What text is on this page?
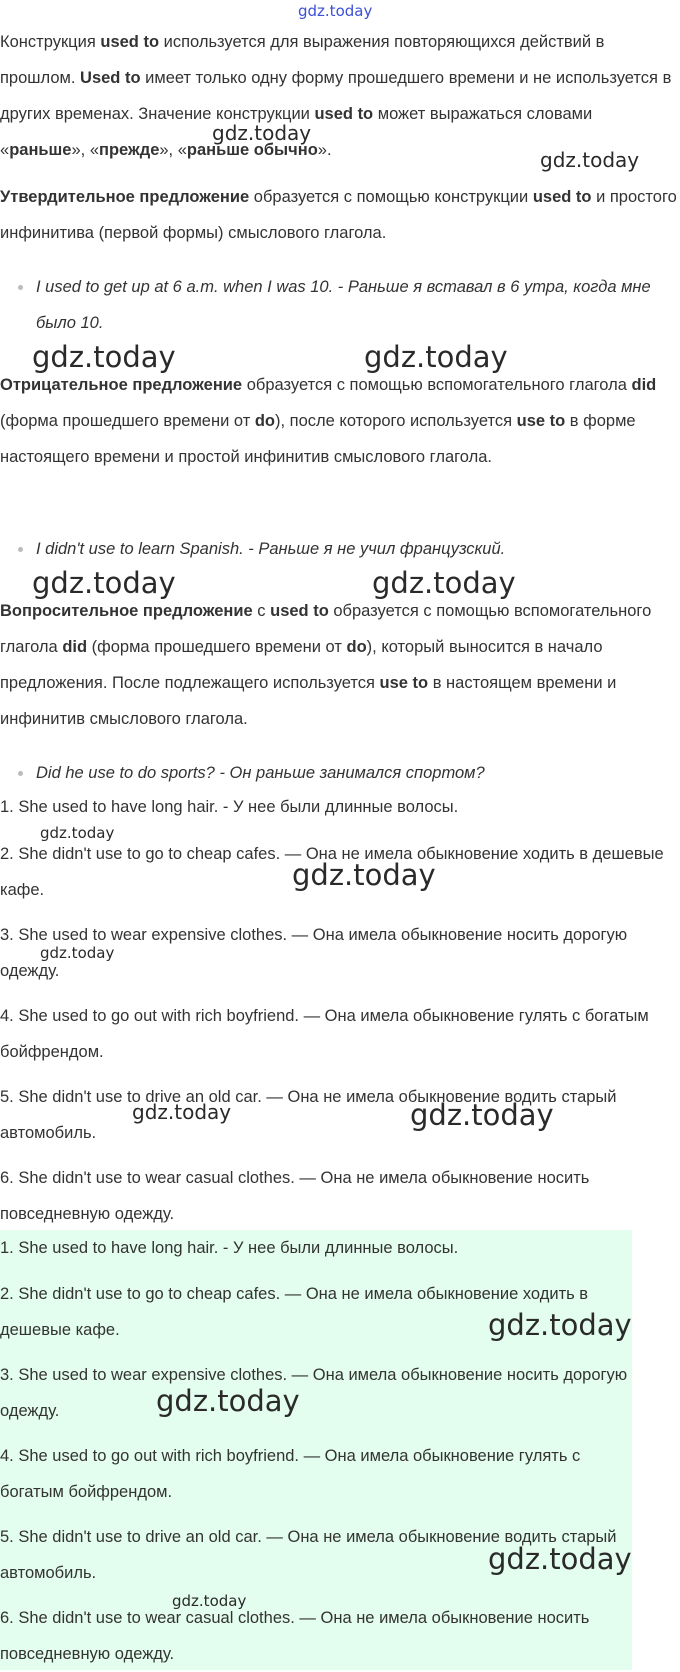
Конструкция used to используется для выражения повторяющихся действий в прошлом. Used to имеет только одну форму прошедшего времени и не используется в других временах. Значение конструкции used to может выражаться словами «раньше», «прежде», «раньше обычно».

Утвердительное предложение образуется с помощью конструкции used to и простого инфинитива (первой формы) смыслового глагола.

I used to get up at 6 a.m. when I was 10. - Раньше я вставал в 6 утра, когда мне было 10.

Отрицательное предложение образуется с помощью вспомогательного глагола did (форма прошедшего времени от do), после которого используется use to в форме настоящего времени и простой инфинитив смыслового глагола.

I didn't use to learn Spanish. - Раньше я не учил французский.

Вопросительное предложение с used to образуется с помощью вспомогательного глагола did (форма прошедшего времени от do), который выносится в начало предложения. После подлежащего используется use to в настоящем времени и инфинитив смыслового глагола.

Did he use to do sports? - Он раньше занимался спортом?

1. She used to have long hair. - У нее были длинные волосы.

2. She didn't use to go to cheap cafes. — Она не имела обыкновение ходить в дешевые кафе.

3. She used to wear expensive clothes. — Она имела обыкновение носить дорогую одежду.

4. She used to go out with rich boyfriend. — Она имела обыкновение гулять с богатым бойфрендом.

5. She didn't use to drive an old car. — Она не имела обыкновение водить старый автомобиль.

6. She didn't use to wear casual clothes. — Она не имела обыкновение носить повседневную одежду.

1. She used to have long hair. - У нее были длинные волосы.

2. She didn't use to go to cheap cafes. — Она не имела обыкновение ходить в дешевые кафе.

3. She used to wear expensive clothes. — Она имела обыкновение носить дорогую одежду.

4. She used to go out with rich boyfriend. — Она имела обыкновение гулять с богатым бойфрендом.

5. She didn't use to drive an old car. — Она не имела обыкновение водить старый автомобиль.

6. She didn't use to wear casual clothes. — Она не имела обыкновение носить повседневную одежду.

gdz.today
gdz.today
gdz.today
gdz.today	gdz.today
gdz.today	gdz.today
gdz.today
gdz.today
gdz.today
gdz.today	gdz.today
gdz.today
gdz.today
gdz.today
gdz.today
